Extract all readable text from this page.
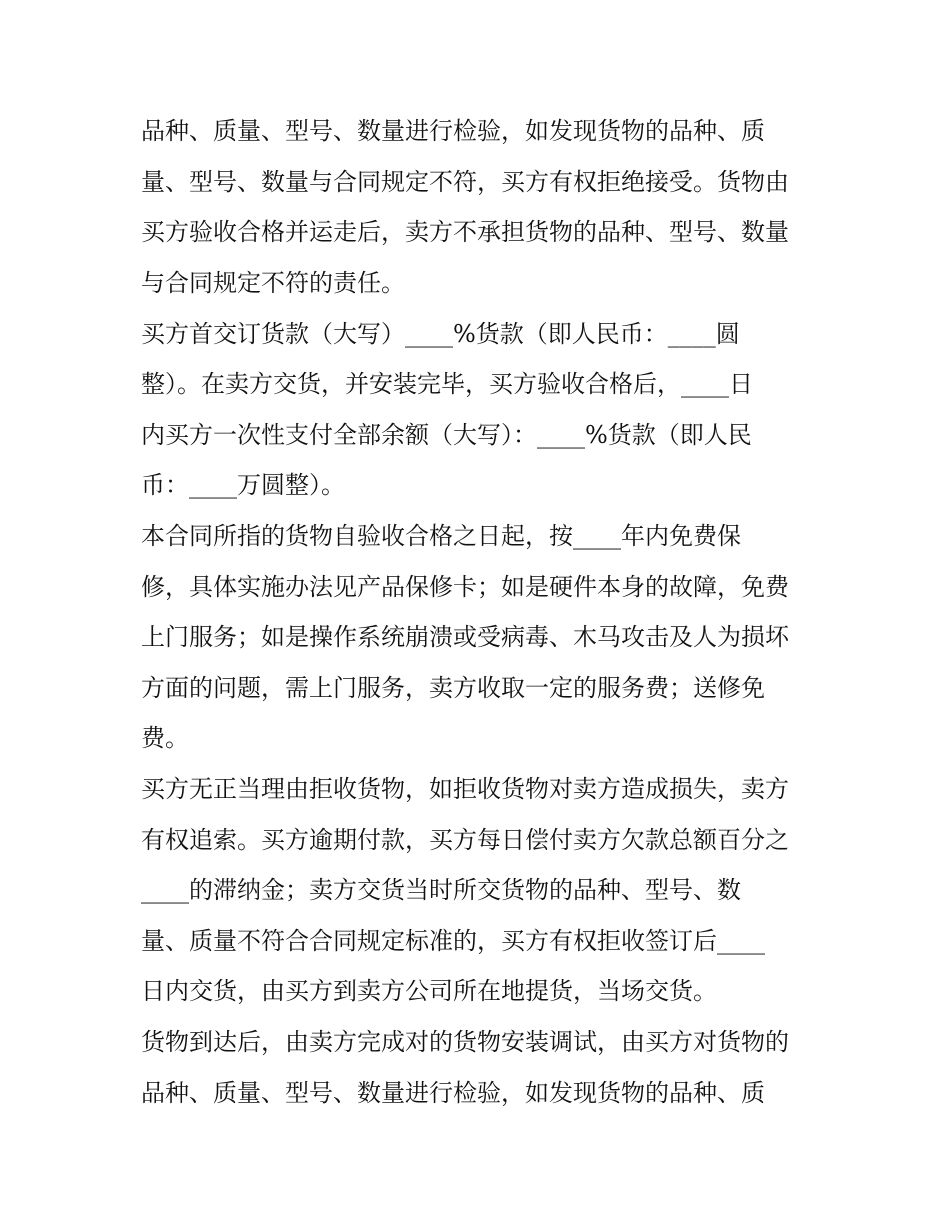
品种、质量、型号、数量进行检验，如发现货物的品种、质
量、型号、数量与合同规定不符，买方有权拒绝接受。货物由
买方验收合格并运走后，卖方不承担货物的品种、型号、数量
与合同规定不符的责任。
买方首交订货款（大写）____%货款（即人民币：____圆
整）。在卖方交货，并安装完毕，买方验收合格后，____日
内买方一次性支付全部余额（大写）：____%货款（即人民
币：____万圆整）。
本合同所指的货物自验收合格之日起，按____年内免费保
修，具体实施办法见产品保修卡；如是硬件本身的故障，免费
上门服务；如是操作系统崩溃或受病毒、木马攻击及人为损坏
方面的问题，需上门服务，卖方收取一定的服务费；送修免
费。
买方无正当理由拒收货物，如拒收货物对卖方造成损失，卖方
有权追索。买方逾期付款，买方每日偿付卖方欠款总额百分之
____的滞纳金；卖方交货当时所交货物的品种、型号、数
量、质量不符合合同规定标准的，买方有权拒收签订后____
日内交货，由买方到卖方公司所在地提货，当场交货。
货物到达后，由卖方完成对的货物安装调试，由买方对货物的
品种、质量、型号、数量进行检验，如发现货物的品种、质
